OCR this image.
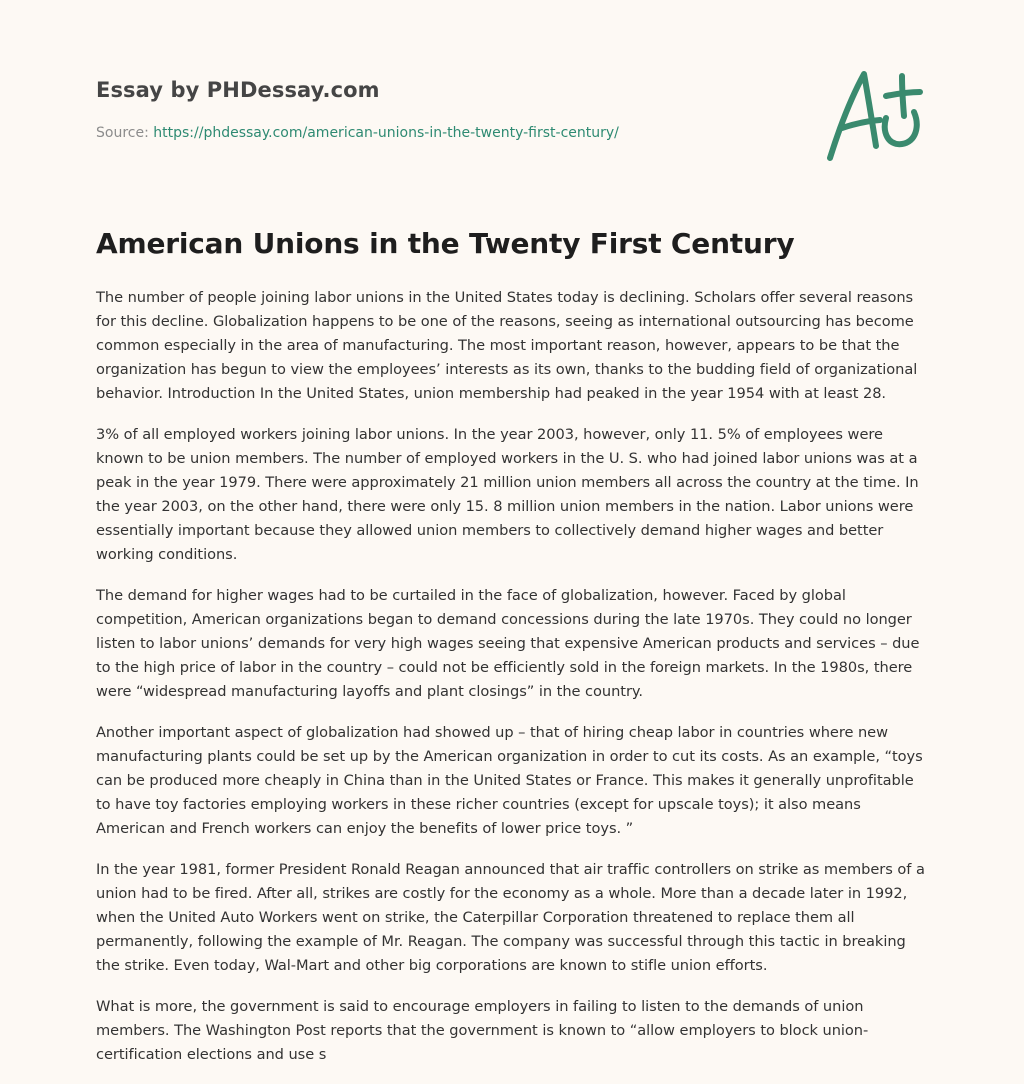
Essay by PHDessay.com
Source: https://phdessay.com/american-unions-in-the-twenty-first-century/
American Unions in the Twenty First Century

The number of people joining labor unions in the United States today is declining. Scholars offer several reasons for this decline. Globalization happens to be one of the reasons, seeing as international outsourcing has become common especially in the area of manufacturing. The most important reason, however, appears to be that the organization has begun to view the employees’ interests as its own, thanks to the budding field of organizational behavior. Introduction In the United States, union membership had peaked in the year 1954 with at least 28.

3% of all employed workers joining labor unions. In the year 2003, however, only 11. 5% of employees were known to be union members. The number of employed workers in the U. S. who had joined labor unions was at a peak in the year 1979. There were approximately 21 million union members all across the country at the time. In the year 2003, on the other hand, there were only 15. 8 million union members in the nation. Labor unions were essentially important because they allowed union members to collectively demand higher wages and better working conditions.

The demand for higher wages had to be curtailed in the face of globalization, however. Faced by global competition, American organizations began to demand concessions during the late 1970s. They could no longer listen to labor unions’ demands for very high wages seeing that expensive American products and services – due to the high price of labor in the country – could not be efficiently sold in the foreign markets. In the 1980s, there were “widespread manufacturing layoffs and plant closings” in the country.

Another important aspect of globalization had showed up – that of hiring cheap labor in countries where new manufacturing plants could be set up by the American organization in order to cut its costs. As an example, “toys can be produced more cheaply in China than in the United States or France. This makes it generally unprofitable to have toy factories employing workers in these richer countries (except for upscale toys); it also means American and French workers can enjoy the benefits of lower price toys. ”

In the year 1981, former President Ronald Reagan announced that air traffic controllers on strike as members of a union had to be fired. After all, strikes are costly for the economy as a whole. More than a decade later in 1992, when the United Auto Workers went on strike, the Caterpillar Corporation threatened to replace them all permanently, following the example of Mr. Reagan. The company was successful through this tactic in breaking the strike. Even today, Wal-Mart and other big corporations are known to stifle union efforts.

What is more, the government is said to encourage employers in failing to listen to the demands of union members. The Washington Post reports that the government is known to “allow employers to block union-certification elections and use s
